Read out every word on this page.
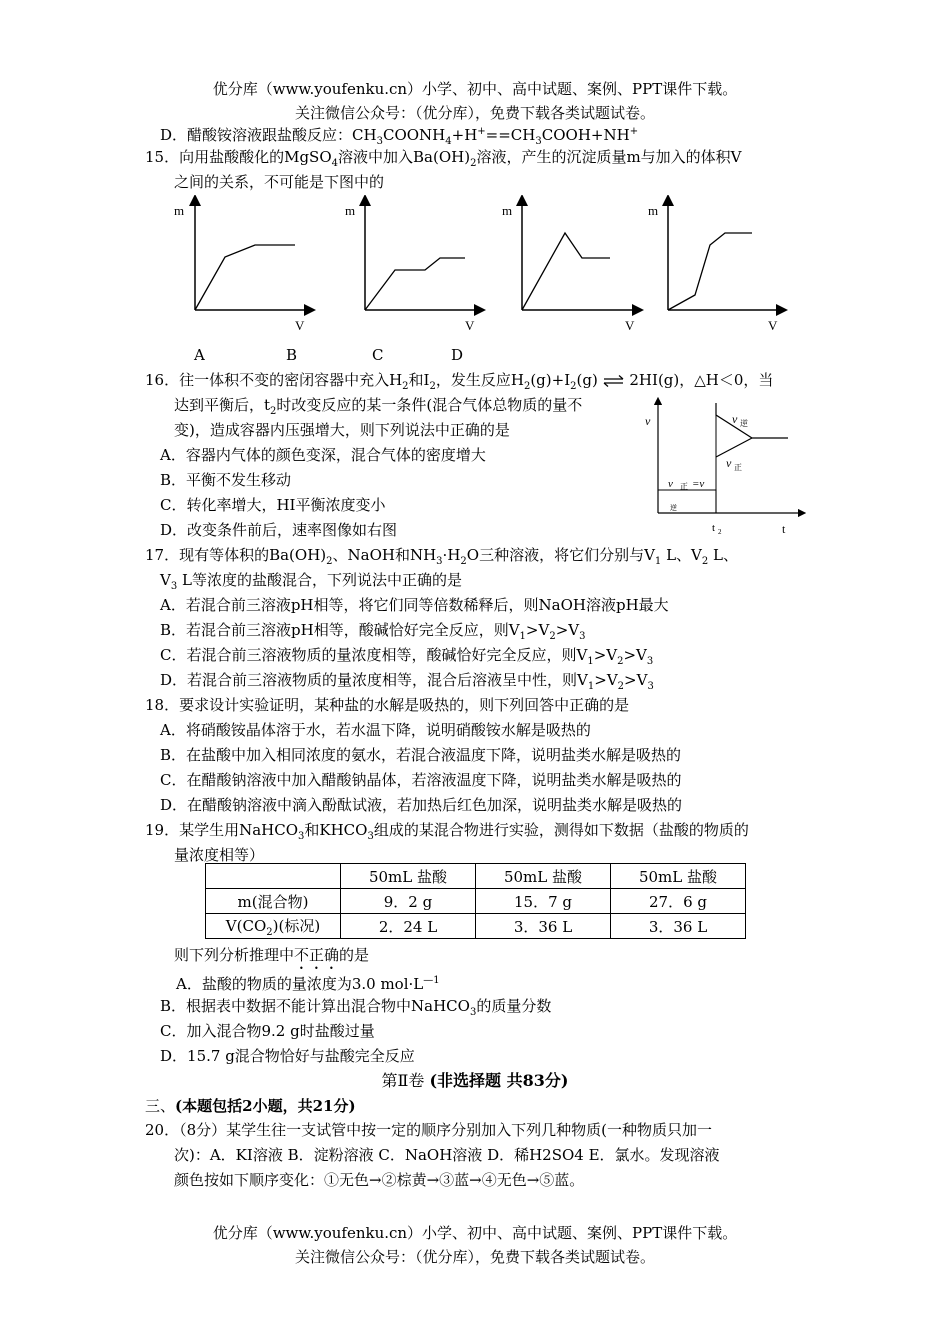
优分库（www.youfenku.cn）小学、初中、高中试题、案例、PPT课件下载。
关注微信公众号：（优分库），免费下载各类试题试卷。
D．醋酸铵溶液跟盐酸反应：$CH_3COONH_4+H^+==CH_3COOH+NH^+$
15．向用盐酸酸化的MgSO$_4$溶液中加入$Ba(OH)_2$溶液，产生的沉淀质量m与加入的体积V
之间的关系，不可能是下图中的
m
V
m
V
m
V
m
V
A	B	C	D
16．往一体积不变的密闭容器中充入$H_2$和$I_2$，发生反应$H_2(g)+I_2(g)$ ⇌ 2HI(g)，△H＜0，当
达到平衡后，$t_2$时改变反应的某一条件(混合气体总物质的量不
变)，造成容器内压强增大，则下列说法中正确的是
A．容器内气体的颜色变深，混合气体的密度增大
B．平衡不发生移动
C．转化率增大，HI平衡浓度变小
D．改变条件前后，速率图像如右图
v	v 逆
v 正
v 正 =v
逆
t 2	t
17．现有等体积的$Ba(OH)_2$、NaOH和$NH_3\cdot H_2O$三种溶液，将它们分别与$V_1$ L、$V_2$ L、
$V_3$ L等浓度的盐酸混合，下列说法中正确的是
A．若混合前三溶液pH相等，将它们同等倍数稀释后，则NaOH溶液pH最大
B．若混合前三溶液pH相等，酸碱恰好完全反应，则$V_1>V_2>V_3$
C．若混合前三溶液物质的量浓度相等，酸碱恰好完全反应，则$V_1>V_2>V_3$
D．若混合前三溶液物质的量浓度相等，混合后溶液呈中性，则$V_1>V_2>V_3$
18．要求设计实验证明，某种盐的水解是吸热的，则下列回答中正确的是
A．将硝酸铵晶体溶于水，若水温下降，说明硝酸铵水解是吸热的
B．在盐酸中加入相同浓度的氨水，若混合液温度下降，说明盐类水解是吸热的
C．在醋酸钠溶液中加入醋酸钠晶体，若溶液温度下降，说明盐类水解是吸热的
D．在醋酸钠溶液中滴入酚酞试液，若加热后红色加深，说明盐类水解是吸热的
19．某学生用NaHCO$_3$和$KHCO_3$组成的某混合物进行实验，测得如下数据（盐酸的物质的
量浓度相等）
	50mL 盐酸	50mL 盐酸	50mL 盐酸
m(混合物)	9．2 g	15．7 g	27．6 g
$V(CO_2)$(标况)	2．24 L	3．36 L	3．36 L
则下列分析推理中不正确的是
A．盐酸的物质的量浓度为3.0 $mol\cdot L^{—1}$
B．根据表中数据不能计算出混合物中NaHCO$_3$的质量分数
C．加入混合物9.2 g时盐酸过量
D．15.7 g混合物恰好与盐酸完全反应
第Ⅱ卷 (非选择题 共83分)
三、(本题包括2小题，共21分)
20．（8分）某学生往一支试管中按一定的顺序分别加入下列几种物质(一种物质只加一
次)：A．KI溶液 B．淀粉溶液 C．NaOH溶液 D．稀H2SO4 E．氯水。发现溶液
颜色按如下顺序变化：①无色→②棕黄→③蓝→④无色→⑤蓝。
优分库（www.youfenku.cn）小学、初中、高中试题、案例、PPT课件下载。
关注微信公众号：（优分库），免费下载各类试题试卷。
